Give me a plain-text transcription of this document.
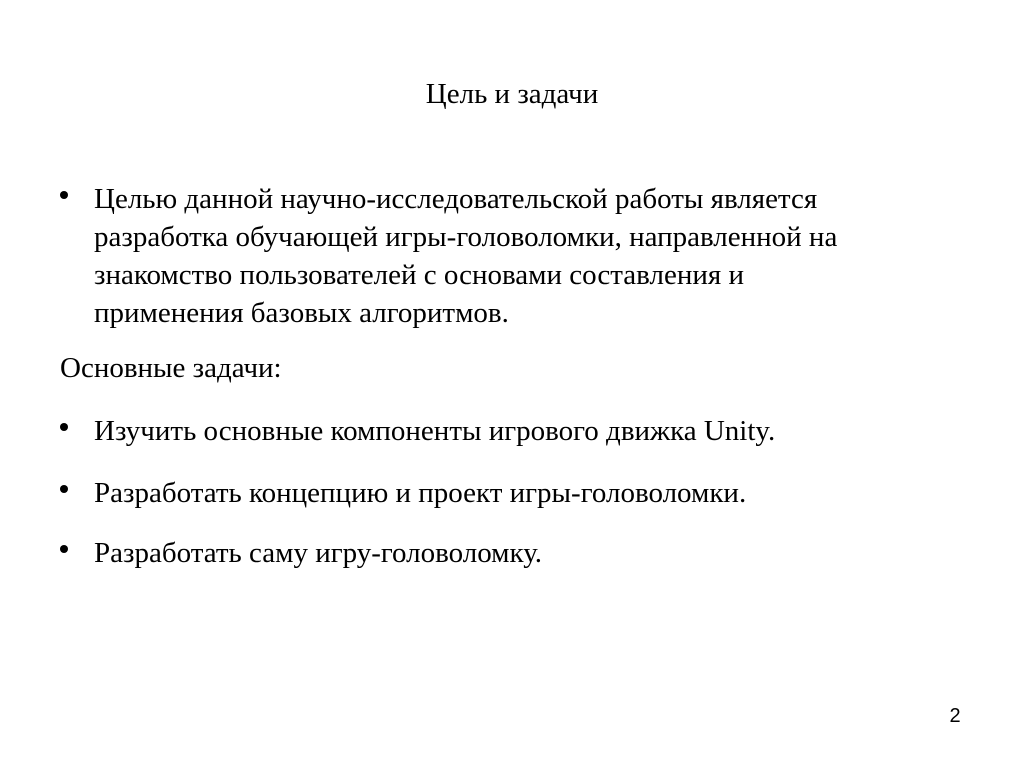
Цель и задачи
Целью данной научно-исследовательской работы является
разработка обучающей игры-головоломки, направленной на
знакомство пользователей с основами составления и
применения базовых алгоритмов.
Основные задачи:
Изучить основные компоненты игрового движка Unity.
Разработать концепцию и проект игры-головоломки.
Разработать саму игру-головоломку.
2
